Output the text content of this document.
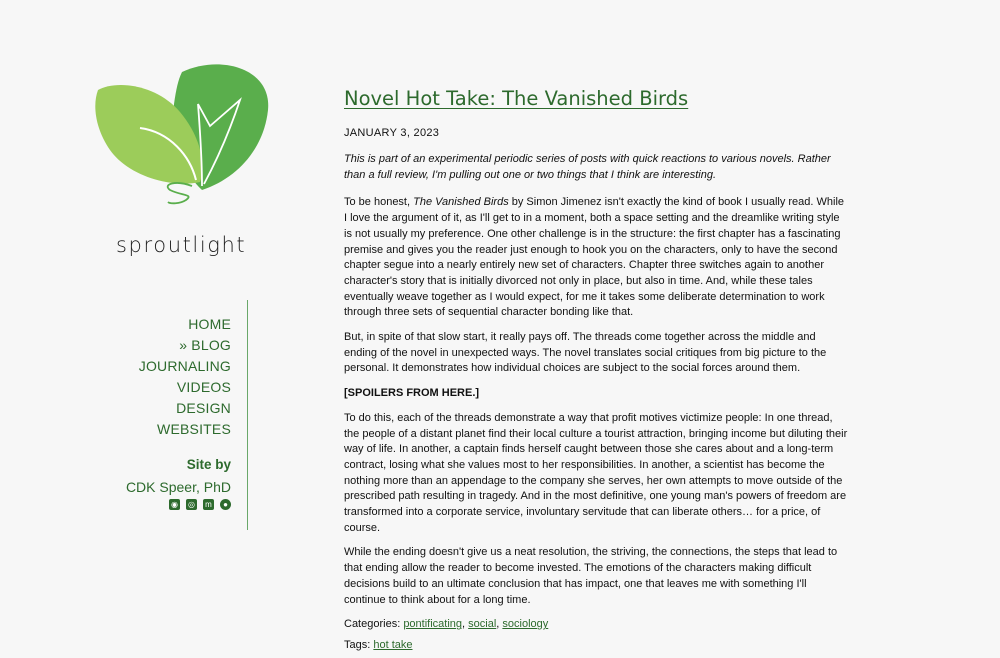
sproutlight
HOME
» BLOG
JOURNALING
VIDEOS
DESIGN
WEBSITES
Site by
CDK Speer, PhD
◉ ◎ m	●
Novel Hot Take: The Vanished Birds
JANUARY 3, 2023

This is part of an experimental periodic series of posts with quick reactions to various novels. Rather than a full review, I'm pulling out one or two things that I think are interesting.

To be honest, The Vanished Birds by Simon Jimenez isn't exactly the kind of book I usually read. While I love the argument of it, as I'll get to in a moment, both a space setting and the dreamlike writing style is not usually my preference. One other challenge is in the structure: the first chapter has a fascinating premise and gives you the reader just enough to hook you on the characters, only to have the second chapter segue into a nearly entirely new set of characters. Chapter three switches again to another character's story that is initially divorced not only in place, but also in time. And, while these tales eventually weave together as I would expect, for me it takes some deliberate determination to work through three sets of sequential character bonding like that.

But, in spite of that slow start, it really pays off. The threads come together across the middle and ending of the novel in unexpected ways. The novel translates social critiques from big picture to the personal. It demonstrates how individual choices are subject to the social forces around them.

[SPOILERS FROM HERE.]

To do this, each of the threads demonstrate a way that profit motives victimize people: In one thread, the people of a distant planet find their local culture a tourist attraction, bringing income but diluting their way of life. In another, a captain finds herself caught between those she cares about and a long-term contract, losing what she values most to her responsibilities. In another, a scientist has become the nothing more than an appendage to the company she serves, her own attempts to move outside of the prescribed path resulting in tragedy. And in the most definitive, one young man's powers of freedom are transformed into a corporate service, involuntary servitude that can liberate others… for a price, of course.

While the ending doesn't give us a neat resolution, the striving, the connections, the steps that lead to that ending allow the reader to become invested. The emotions of the characters making difficult decisions build to an ultimate conclusion that has impact, one that leaves me with something I'll continue to think about for a long time.

Categories: pontificating, social, sociology
Tags: hot take
